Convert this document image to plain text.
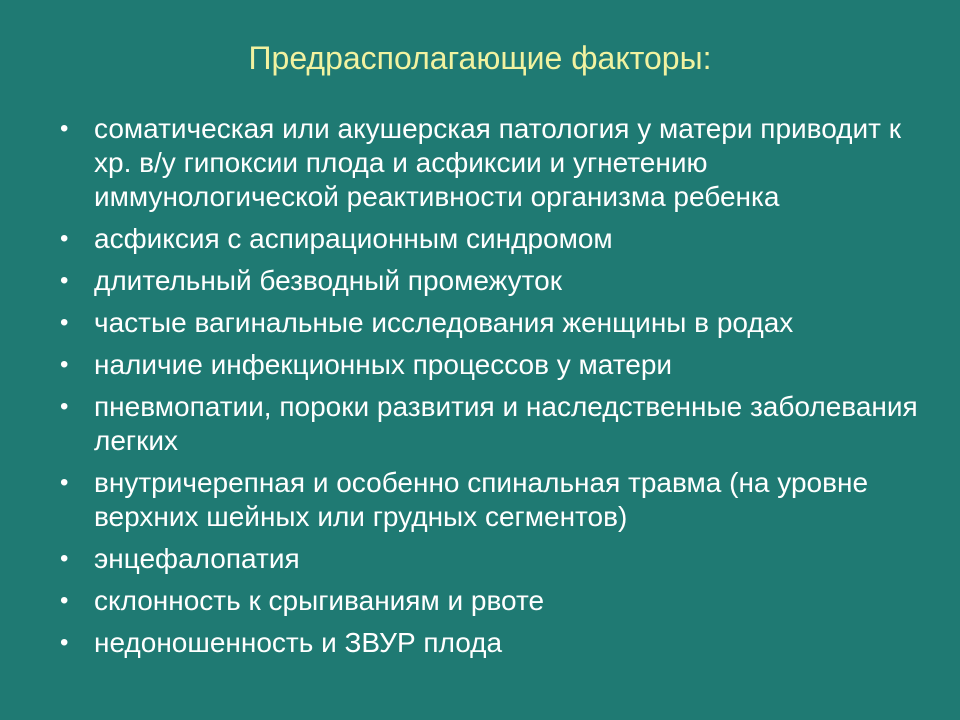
Предрасполагающие факторы:
• соматическая или акушерская патология у матери приводит к хр. в/у гипоксии плода и асфиксии и угнетению иммунологической реактивности организма ребенка
• асфиксия с аспирационным синдромом
• длительный безводный промежуток
• частые вагинальные исследования женщины в родах
• наличие инфекционных процессов у матери
• пневмопатии, пороки развития и наследственные заболевания легких
• внутричерепная и особенно спинальная травма (на уровне верхних шейных или грудных сегментов)
• энцефалопатия
• склонность к срыгиваниям и рвоте
• недоношенность и ЗВУР плода
